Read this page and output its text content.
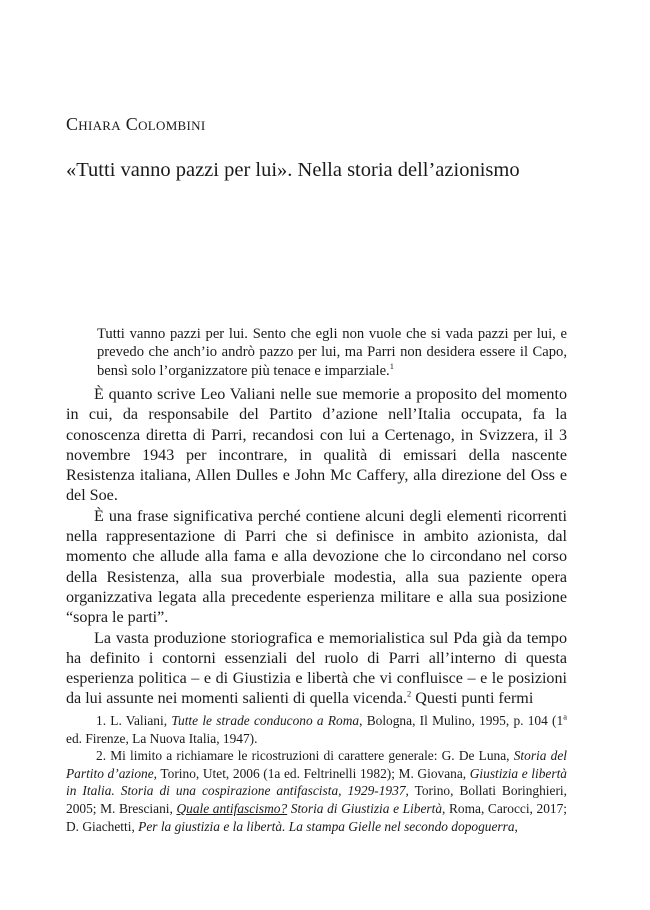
Chiara Colombini
«Tutti vanno pazzi per lui». Nella storia dell’azionismo
Tutti vanno pazzi per lui. Sento che egli non vuole che si vada pazzi per lui, e prevedo che anch’io andrò pazzo per lui, ma Parri non desidera essere il Capo, bensì solo l’organizzatore più tenace e imparziale.$^1$

È quanto scrive Leo Valiani nelle sue memorie a proposito del momento in cui, da responsabile del Partito d’azione nell’Italia occupata, fa la conoscenza diretta di Parri, recandosi con lui a Certenago, in Svizzera, il 3 novembre 1943 per incontrare, in qualità di emissari della nascente Resistenza italiana, Allen Dulles e John Mc Caffery, alla direzione del Oss e del Soe.

È una frase significativa perché contiene alcuni degli elementi ricorrenti nella rappresentazione di Parri che si definisce in ambito azionista, dal momento che allude alla fama e alla devozione che lo circondano nel corso della Resistenza, alla sua proverbiale modestia, alla sua paziente opera organizzativa legata alla precedente esperienza militare e alla sua posizione “sopra le parti”.

La vasta produzione storiografica e memorialistica sul Pda già da tempo ha definito i contorni essenziali del ruolo di Parri all’interno di questa esperienza politica – e di Giustizia e libertà che vi confluisce – e le posizioni da lui assunte nei momenti salienti di quella vicenda.$^2$ Questi punti fermi

1. L. Valiani, Tutte le strade conducono a Roma, Bologna, Il Mulino, 1995, p. 104 (1$^a$ ed. Firenze, La Nuova Italia, 1947).

2. Mi limito a richiamare le ricostruzioni di carattere generale: G. De Luna, Storia del Partito d’azione, Torino, Utet, 2006 (1a ed. Feltrinelli 1982); M. Giovana, Giustizia e libertà in Italia. Storia di una cospirazione antifascista, 1929-1937, Torino, Bollati Boringhieri, 2005; M. Bresciani, Quale antifascismo? Storia di Giustizia e Libertà, Roma, Carocci, 2017; D. Giachetti, Per la giustizia e la libertà. La stampa Gielle nel secondo dopoguerra,
